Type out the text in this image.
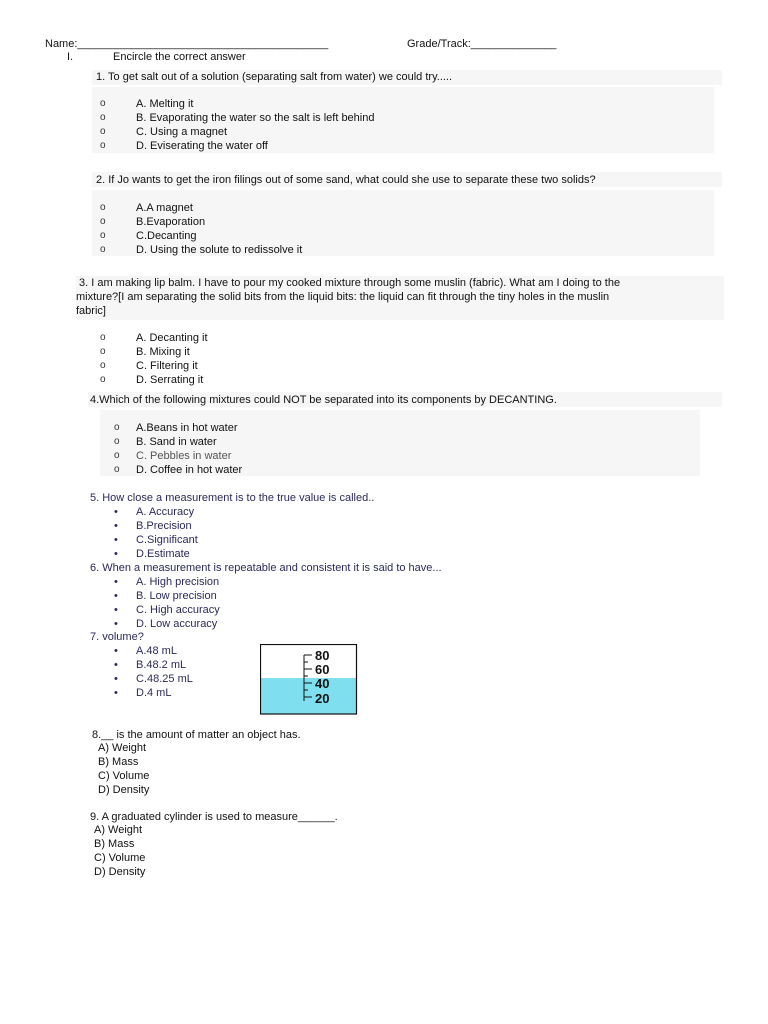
Name:_________________________________________	Grade/Track:______________
I.	Encircle the correct answer
1. To get salt out of a solution (separating salt from water) we could try.....
o	A. Melting it
o	B. Evaporating the water so the salt is left behind
o	C. Using a magnet
o	D. Eviserating the water off
2. If Jo wants to get the iron filings out of some sand, what could she use to separate these two solids?
o	A.A magnet
o	B.Evaporation
o	C.Decanting
o	D. Using the solute to redissolve it
3. I am making lip balm. I have to pour my cooked mixture through some muslin (fabric). What am I doing to the
mixture?[I am separating the solid bits from the liquid bits: the liquid can fit through the tiny holes in the muslin
fabric]
o	A. Decanting it
o	B. Mixing it
o	C. Filtering it
o	D. Serrating it
4.Which of the following mixtures could NOT be separated into its components by DECANTING.
o A.Beans in hot water
o B. Sand in water
o C. Pebbles in water
o D. Coffee in hot water
5. How close a measurement is to the true value is called..
• A. Accuracy
• B.Precision
• C.Significant
• D.Estimate
6. When a measurement is repeatable and consistent it is said to have...
• A. High precision
• B. Low precision
• C. High accuracy
• D. Low accuracy
7. volume?
• A.48 mL
• B.48.2 mL
• C.48.25 mL
• D.4 mL
80
60
40
20
8.__ is the amount of matter an object has.
A) Weight
B) Mass
C) Volume
D) Density
9. A graduated cylinder is used to measure______.
A) Weight
B) Mass
C) Volume
D) Density
